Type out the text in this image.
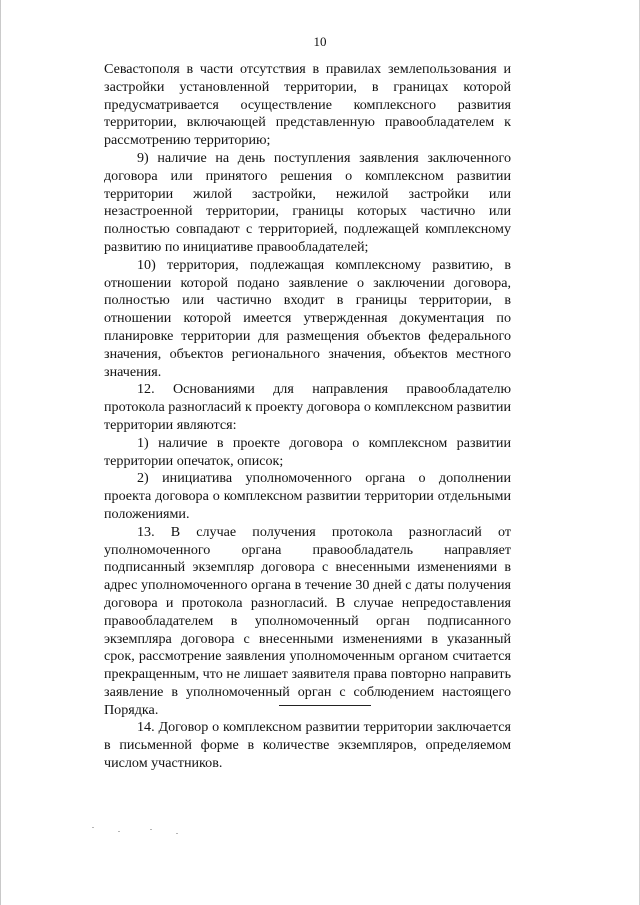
10

Севастополя в части отсутствия в правилах землепользования и застройки установленной территории, в границах которой предусматривается осуществление комплексного развития территории, включающей представленную правообладателем к рассмотрению территорию;

9) наличие на день поступления заявления заключенного договора или принятого решения о комплексном развитии территории жилой застройки, нежилой застройки или незастроенной территории, границы которых частично или полностью совпадают с территорией, подлежащей комплексному развитию по инициативе правообладателей;

10) территория, подлежащая комплексному развитию, в отношении которой подано заявление о заключении договора, полностью или частично входит в границы территории, в отношении которой имеется утвержденная документация по планировке территории для размещения объектов федерального значения, объектов регионального значения, объектов местного значения.

12. Основаниями для направления правообладателю протокола разногласий к проекту договора о комплексном развитии территории являются:

1) наличие в проекте договора о комплексном развитии территории опечаток, описок;

2) инициатива уполномоченного органа о дополнении проекта договора о комплексном развитии территории отдельными положениями.

13. В случае получения протокола разногласий от уполномоченного органа правообладатель направляет подписанный экземпляр договора с внесенными изменениями в адрес уполномоченного органа в течение 30 дней с даты получения договора и протокола разногласий. В случае непредоставления правообладателем в уполномоченный орган подписанного экземпляра договора с внесенными изменениями в указанный срок, рассмотрение заявления уполномоченным органом считается прекращенным, что не лишает заявителя права повторно направить заявление в уполномоченный орган с соблюдением настоящего Порядка.

14. Договор о комплексном развитии территории заключается в письменной форме в количестве экземпляров, определяемом числом участников.
